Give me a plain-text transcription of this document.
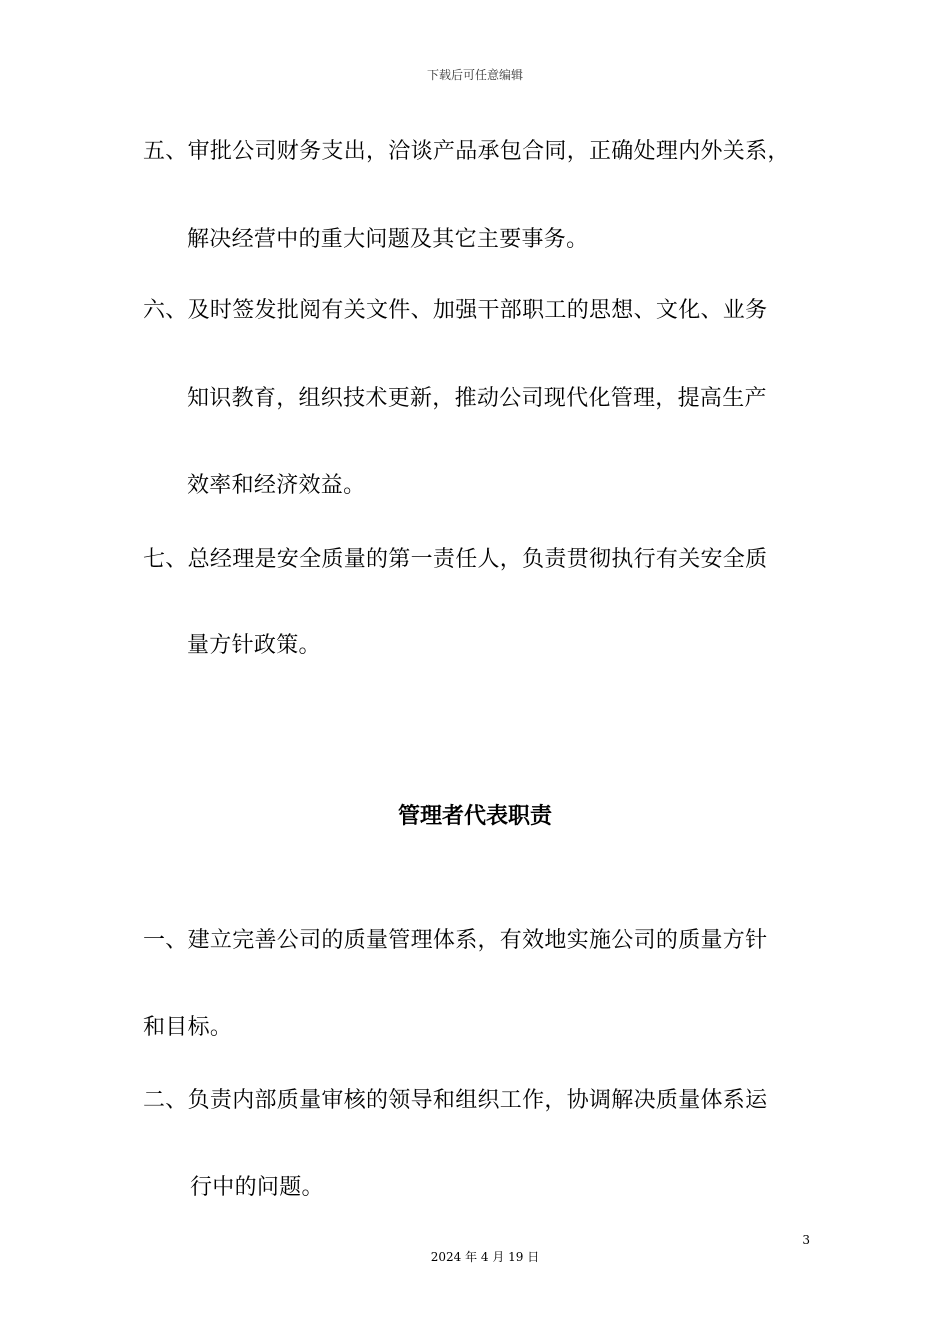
下载后可任意编辑
五、审批公司财务支出，洽谈产品承包合同，正确处理内外关系，
解决经营中的重大问题及其它主要事务。
六、及时签发批阅有关文件、加强干部职工的思想、文化、业务
知识教育，组织技术更新，推动公司现代化管理，提高生产
效率和经济效益。
七、总经理是安全质量的第一责任人，负责贯彻执行有关安全质
量方针政策。
管理者代表职责
一、建立完善公司的质量管理体系，有效地实施公司的质量方针
和目标。
二、负责内部质量审核的领导和组织工作，协调解决质量体系运
行中的问题。
3
2024 年 4 月 19 日
